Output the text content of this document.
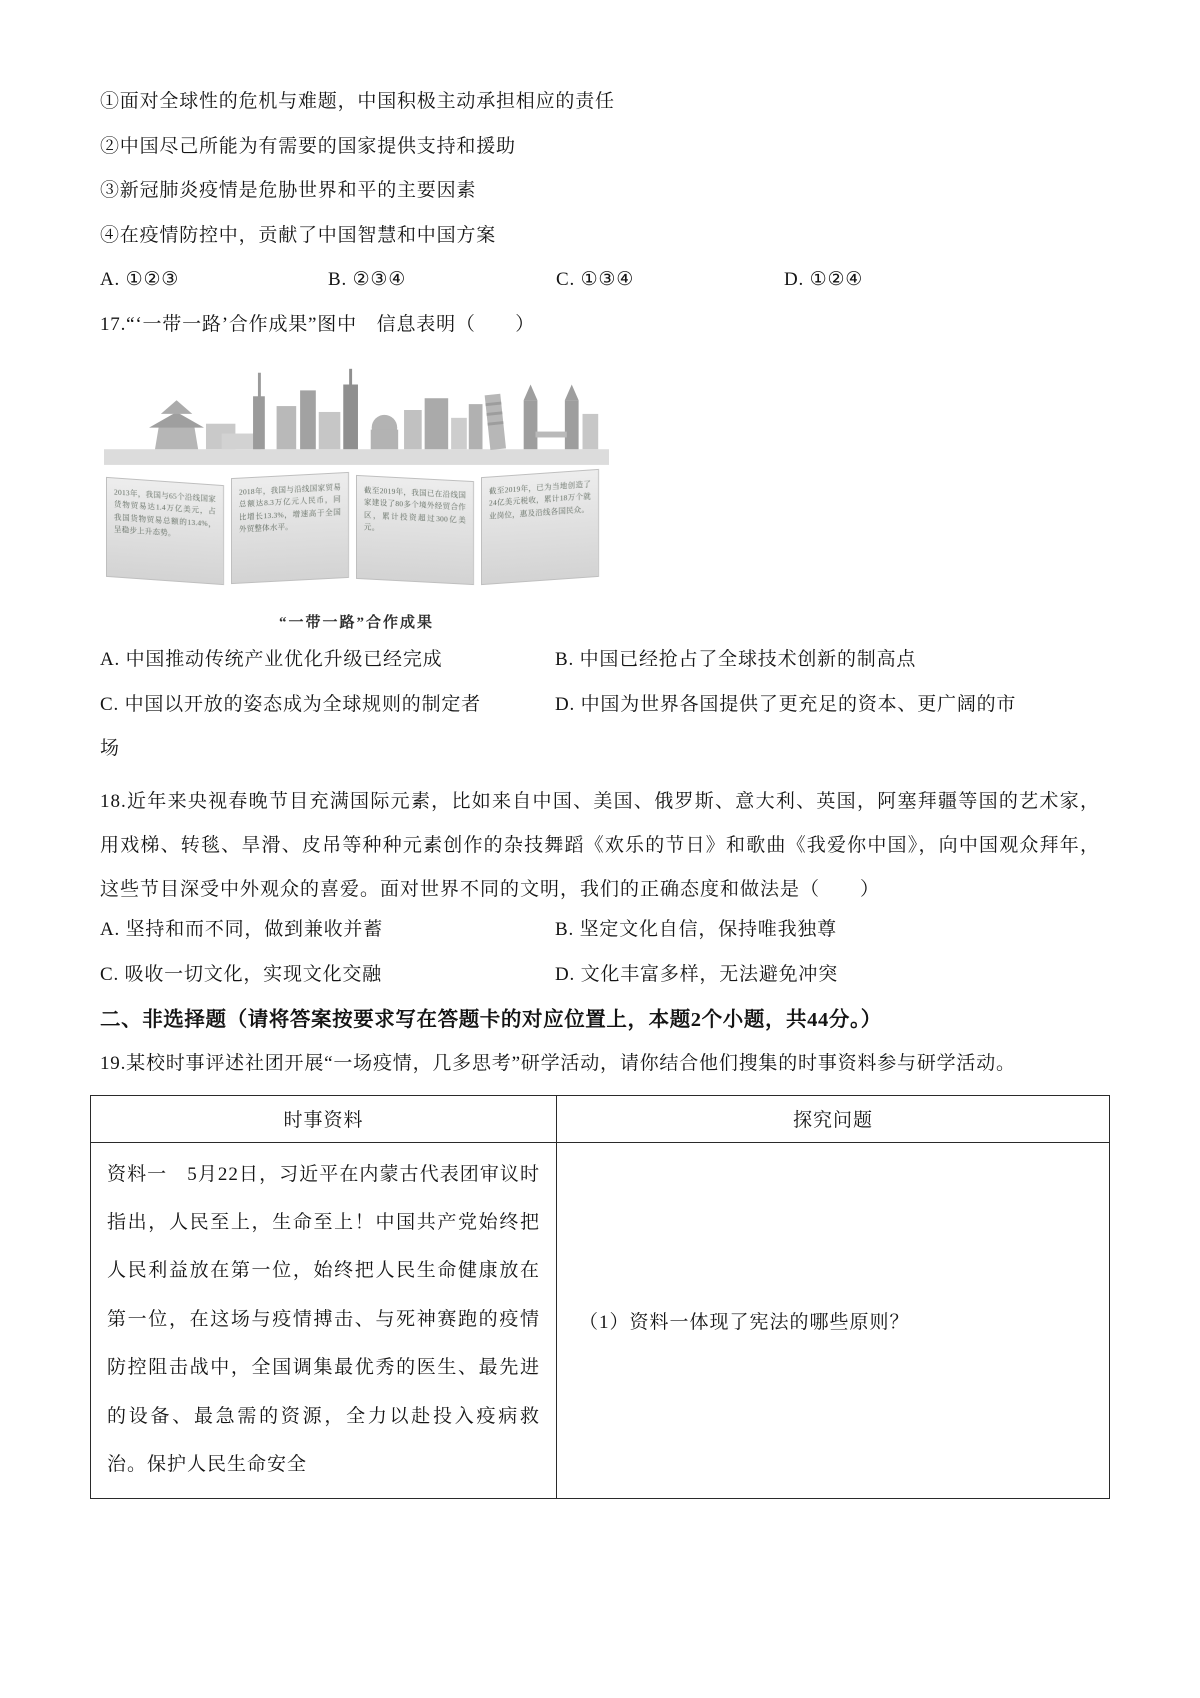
①面对全球性的危机与难题，中国积极主动承担相应的责任
②中国尽己所能为有需要的国家提供支持和援助
③新冠肺炎疫情是危胁世界和平的主要因素
④在疫情防控中，贡献了中国智慧和中国方案
A. ①②③	B. ②③④	C. ①③④	D. ①②④
17.“‘一带一路’合作成果”图中　信息表明（　　）
2013年，我国与65个沿线国家货物贸易达1.4万亿美元，占我国货物贸易总额的13.4%，呈稳步上升态势。
2018年，我国与沿线国家贸易总额达8.3万亿元人民币，同比增长13.3%，增速高于全国外贸整体水平。
截至2019年，我国已在沿线国家建设了80多个境外经贸合作区，累计投资超过300亿美元。
截至2019年，已为当地创造了24亿美元税收，累计18万个就业岗位，惠及沿线各国民众。
“一带一路”合作成果
A. 中国推动传统产业优化升级已经完成	B. 中国已经抢占了全球技术创新的制高点
C. 中国以开放的姿态成为全球规则的制定者	D. 中国为世界各国提供了更充足的资本、更广阔的市
场
18.近年来央视春晚节目充满国际元素，比如来自中国、美国、俄罗斯、意大利、英国，阿塞拜疆等国的艺术家，用戏梯、转毯、旱滑、皮吊等种种元素创作的杂技舞蹈《欢乐的节日》和歌曲《我爱你中国》，向中国观众拜年，这些节目深受中外观众的喜爱。面对世界不同的文明，我们的正确态度和做法是（　　）
A. 坚持和而不同，做到兼收并蓄	B. 坚定文化自信，保持唯我独尊
C. 吸收一切文化，实现文化交融	D. 文化丰富多样，无法避免冲突
二、非选择题（请将答案按要求写在答题卡的对应位置上，本题2个小题，共44分。）
19.某校时事评述社团开展“一场疫情，几多思考”研学活动，请你结合他们搜集的时事资料参与研学活动。
时事资料	探究问题

资料一　5月22日，习近平在内蒙古代表团审议时指出，人民至上，生命至上！中国共产党始终把人民利益放在第一位，始终把人民生命健康放在第一位，在这场与疫情搏击、与死神赛跑的疫情防控阻击战中，全国调集最优秀的医生、最先进的设备、最急需的资源，全力以赴投入疫病救治。保护人民生命安全	（1）资料一体现了宪法的哪些原则？
